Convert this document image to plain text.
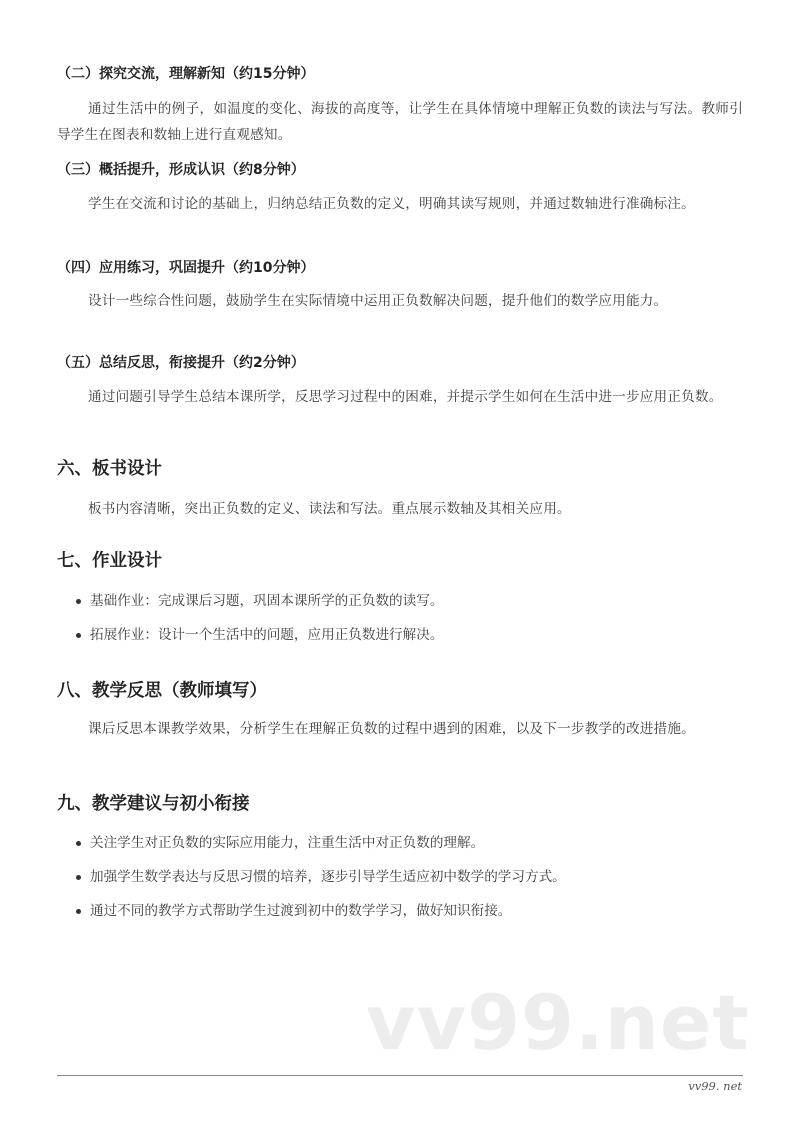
（二）探究交流，理解新知（约15分钟）
通过生活中的例子，如温度的变化、海拔的高度等，让学生在具体情境中理解正负数的读法与写法。教师引导学生在图表和数轴上进行直观感知。
（三）概括提升，形成认识（约8分钟）
学生在交流和讨论的基础上，归纳总结正负数的定义，明确其读写规则，并通过数轴进行准确标注。
（四）应用练习，巩固提升（约10分钟）
设计一些综合性问题，鼓励学生在实际情境中运用正负数解决问题，提升他们的数学应用能力。
（五）总结反思，衔接提升（约2分钟）
通过问题引导学生总结本课所学，反思学习过程中的困难，并提示学生如何在生活中进一步应用正负数。
六、板书设计
板书内容清晰，突出正负数的定义、读法和写法。重点展示数轴及其相关应用。
七、作业设计
基础作业：完成课后习题，巩固本课所学的正负数的读写。
拓展作业：设计一个生活中的问题，应用正负数进行解决。
八、教学反思（教师填写）
课后反思本课教学效果，分析学生在理解正负数的过程中遇到的困难，以及下一步教学的改进措施。
九、教学建议与初小衔接
关注学生对正负数的实际应用能力，注重生活中对正负数的理解。
加强学生数学表达与反思习惯的培养，逐步引导学生适应初中数学的学习方式。
通过不同的教学方式帮助学生过渡到初中的数学学习，做好知识衔接。
vv99.net
vv99. net
